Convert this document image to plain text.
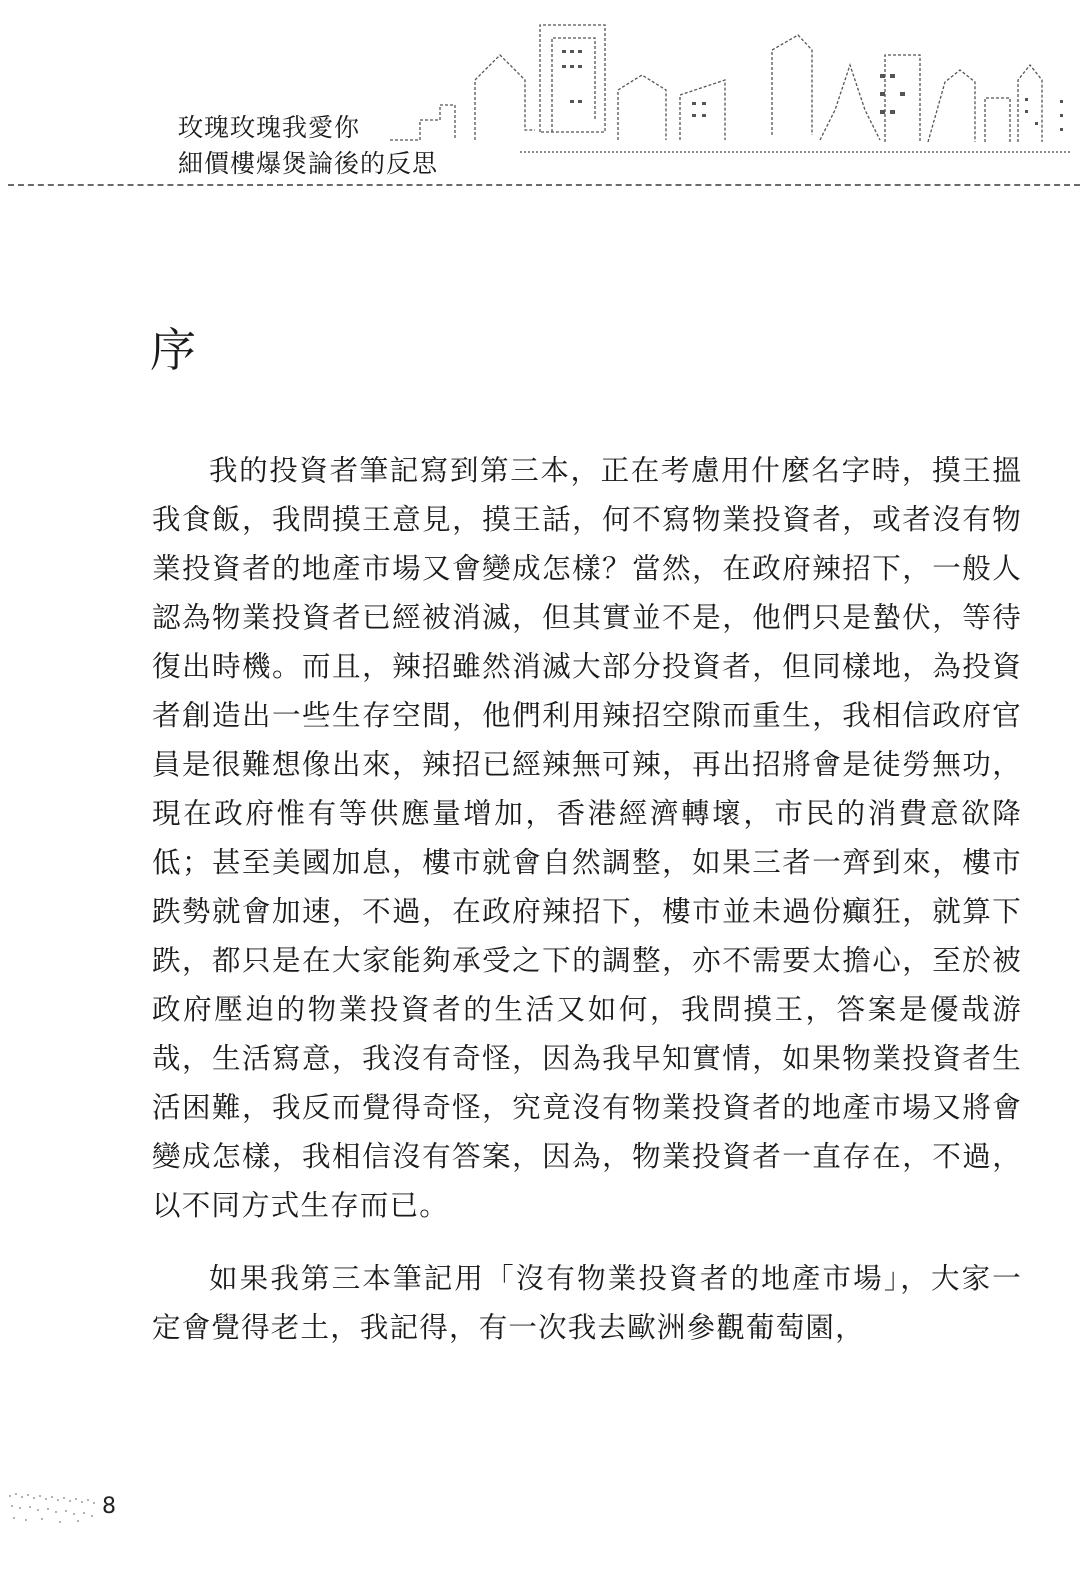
玫瑰玫瑰我愛你
細價樓爆煲論後的反思
序

我的投資者筆記寫到第三本，正在考慮用什麼名字時，摸王搵我食飯，我問摸王意見，摸王話，何不寫物業投資者，或者沒有物業投資者的地產市場又會變成怎樣？當然，在政府辣招下，一般人認為物業投資者已經被消滅，但其實並不是，他們只是蟄伏，等待復出時機。而且，辣招雖然消滅大部分投資者，但同樣地，為投資者創造出一些生存空間，他們利用辣招空隙而重生，我相信政府官員是很難想像出來，辣招已經辣無可辣，再出招將會是徒勞無功，現在政府惟有等供應量增加，香港經濟轉壞，市民的消費意欲降低；甚至美國加息，樓市就會自然調整，如果三者一齊到來，樓市跌勢就會加速，不過，在政府辣招下，樓市並未過份癲狂，就算下跌，都只是在大家能夠承受之下的調整，亦不需要太擔心，至於被政府壓迫的物業投資者的生活又如何，我問摸王，答案是優哉游哉，生活寫意，我沒有奇怪，因為我早知實情，如果物業投資者生活困難，我反而覺得奇怪，究竟沒有物業投資者的地產市場又將會變成怎樣，我相信沒有答案，因為，物業投資者一直存在，不過，以不同方式生存而已。

如果我第三本筆記用「沒有物業投資者的地產市場」，大家一定會覺得老土，我記得，有一次我去歐洲參觀葡萄園，

8
